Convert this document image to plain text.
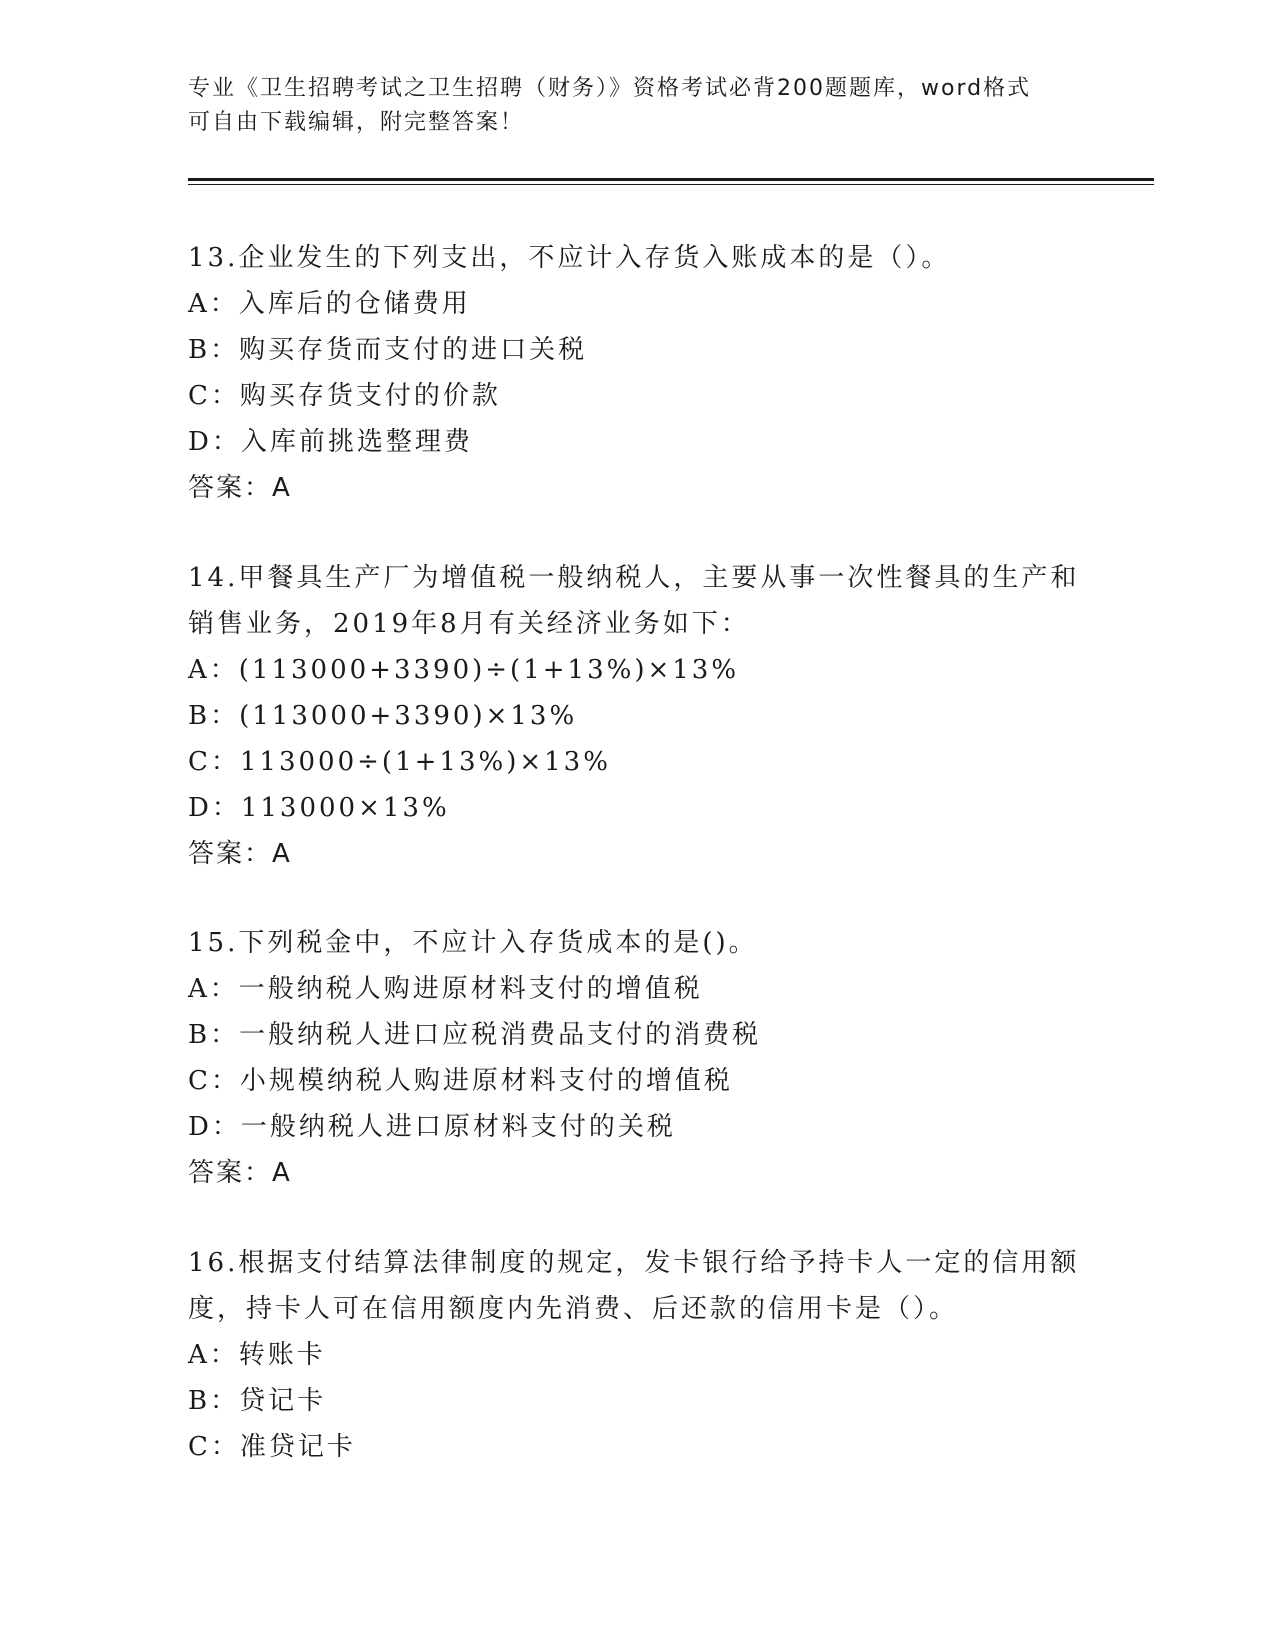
专业《卫生招聘考试之卫生招聘（财务）》资格考试必背200题题库，word格式
可自由下载编辑，附完整答案！
13.企业发生的下列支出，不应计入存货入账成本的是（）。
A：入库后的仓储费用
B：购买存货而支付的进口关税
C：购买存货支付的价款
D：入库前挑选整理费
答案：A
14.甲餐具生产厂为增值税一般纳税人，主要从事一次性餐具的生产和
销售业务，2019年8月有关经济业务如下：
A：(113000+3390)÷(1+13%)×13%
B：(113000+3390)×13%
C：113000÷(1+13%)×13%
D：113000×13%
答案：A
15.下列税金中，不应计入存货成本的是()。
A：一般纳税人购进原材料支付的增值税
B：一般纳税人进口应税消费品支付的消费税
C：小规模纳税人购进原材料支付的增值税
D：一般纳税人进口原材料支付的关税
答案：A
16.根据支付结算法律制度的规定，发卡银行给予持卡人一定的信用额
度，持卡人可在信用额度内先消费、后还款的信用卡是（）。
A：转账卡
B：贷记卡
C：准贷记卡
